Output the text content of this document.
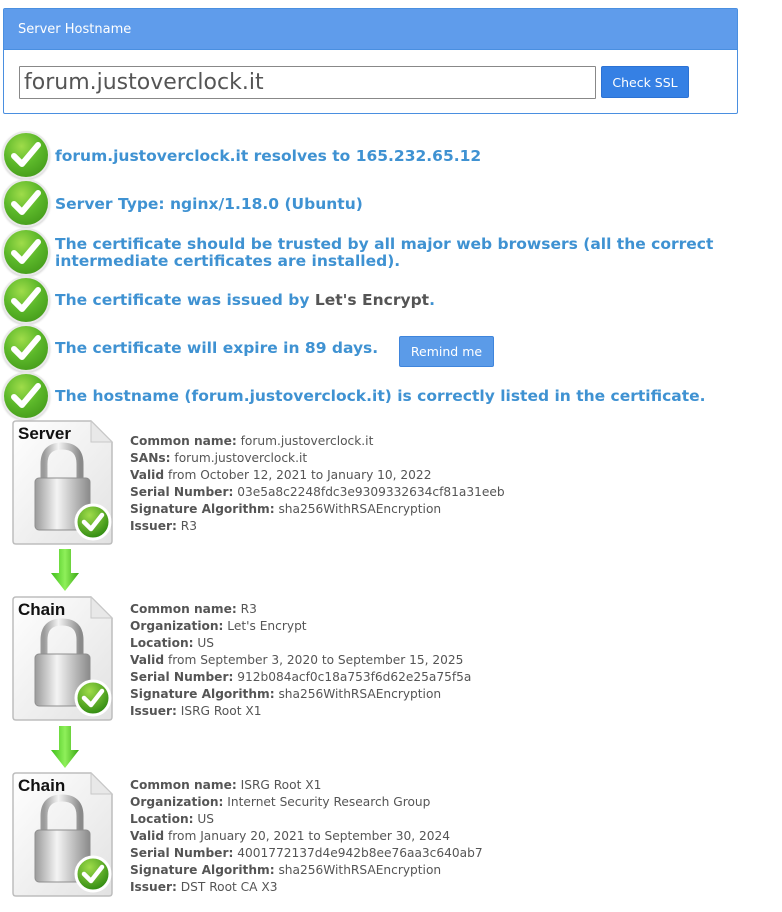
Server Hostname
forum.justoverclock.it
Check SSL
forum.justoverclock.it resolves to 165.232.65.12
Server Type: nginx/1.18.0 (Ubuntu)
The certificate should be trusted by all major web browsers (all the correct intermediate certificates are installed).
The certificate was issued by Let's Encrypt.
The certificate will expire in 89 days.	Remind me
The hostname (forum.justoverclock.it) is correctly listed in the certificate.
Server	Common name: forum.justoverclock.it
SANs: forum.justoverclock.it
Valid from October 12, 2021 to January 10, 2022
Serial Number: 03e5a8c2248fdc3e9309332634cf81a31eeb
Signature Algorithm: sha256WithRSAEncryption
Issuer: R3
Chain	Common name: R3
Organization: Let's Encrypt
Location: US
Valid from September 3, 2020 to September 15, 2025
Serial Number: 912b084acf0c18a753f6d62e25a75f5a
Signature Algorithm: sha256WithRSAEncryption
Issuer: ISRG Root X1
Chain	Common name: ISRG Root X1
Organization: Internet Security Research Group
Location: US
Valid from January 20, 2021 to September 30, 2024
Serial Number: 4001772137d4e942b8ee76aa3c640ab7
Signature Algorithm: sha256WithRSAEncryption
Issuer: DST Root CA X3
